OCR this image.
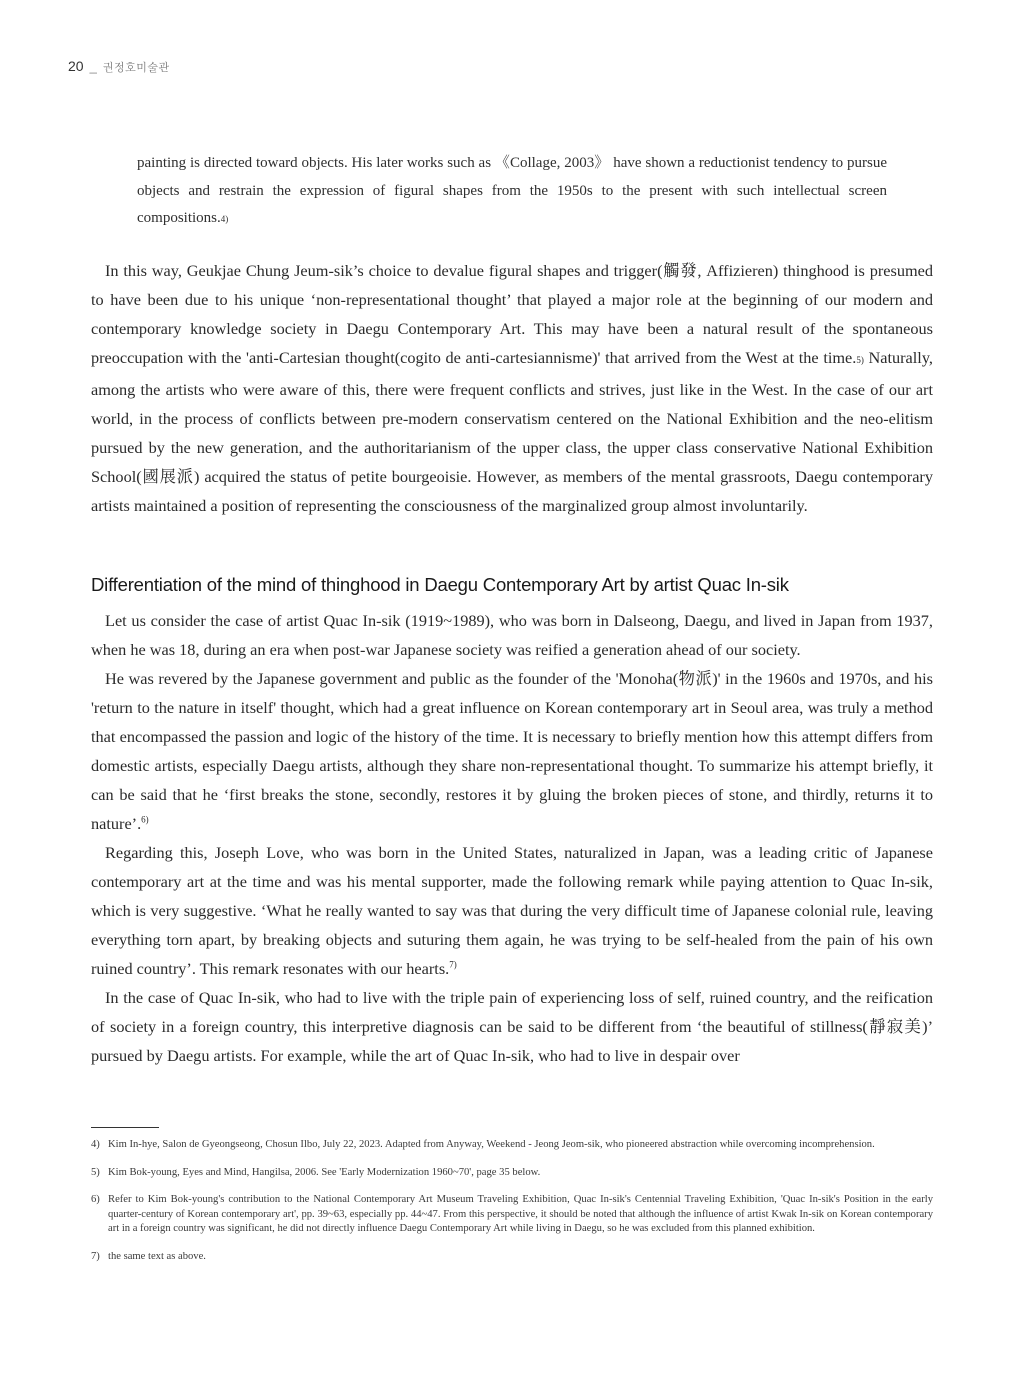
20 _ 권정호미술관
painting is directed toward objects. His later works such as 《Collage, 2003》 have shown a reductionist tendency to pursue objects and restrain the expression of figural shapes from the 1950s to the present with such intellectual screen compositions.4)

In this way, Geukjae Chung Jeum-sik’s choice to devalue figural shapes and trigger(觸發, Affizieren) thinghood is presumed to have been due to his unique ‘non-representational thought’ that played a major role at the beginning of our modern and contemporary knowledge society in Daegu Contemporary Art. This may have been a natural result of the spontaneous preoccupation with the 'anti-Cartesian thought(cogito de anti-cartesiannisme)' that arrived from the West at the time.5) Naturally, among the artists who were aware of this, there were frequent conflicts and strives, just like in the West. In the case of our art world, in the process of conflicts between pre-modern conservatism centered on the National Exhibition and the neo-elitism pursued by the new generation, and the authoritarianism of the upper class, the upper class conservative National Exhibition School(國展派) acquired the status of petite bourgeoisie. However, as members of the mental grassroots, Daegu contemporary artists maintained a position of representing the consciousness of the marginalized group almost involuntarily.

Differentiation of the mind of thinghood in Daegu Contemporary Art by artist Quac In-sik

Let us consider the case of artist Quac In-sik (1919~1989), who was born in Dalseong, Daegu, and lived in Japan from 1937, when he was 18, during an era when post-war Japanese society was reified a generation ahead of our society.

He was revered by the Japanese government and public as the founder of the 'Monoha(物派)' in the 1960s and 1970s, and his 'return to the nature in itself' thought, which had a great influence on Korean contemporary art in Seoul area, was truly a method that encompassed the passion and logic of the history of the time. It is necessary to briefly mention how this attempt differs from domestic artists, especially Daegu artists, although they share non-representational thought. To summarize his attempt briefly, it can be said that he ‘first breaks the stone, secondly, restores it by gluing the broken pieces of stone, and thirdly, returns it to nature’.$^{6)}$

Regarding this, Joseph Love, who was born in the United States, naturalized in Japan, was a leading critic of Japanese contemporary art at the time and was his mental supporter, made the following remark while paying attention to Quac In-sik, which is very suggestive. ‘What he really wanted to say was that during the very difficult time of Japanese colonial rule, leaving everything torn apart, by breaking objects and suturing them again, he was trying to be self-healed from the pain of his own ruined country’. This remark resonates with our hearts.$^{7)}$

In the case of Quac In-sik, who had to live with the triple pain of experiencing loss of self, ruined country, and the reification of society in a foreign country, this interpretive diagnosis can be said to be different from ‘the beautiful of stillness(靜寂美)’ pursued by Daegu artists. For example, while the art of Quac In-sik, who had to live in despair over

4) Kim In-hye, Salon de Gyeongseong, Chosun Ilbo, July 22, 2023. Adapted from Anyway, Weekend - Jeong Jeom-sik, who pioneered abstraction while overcoming incomprehension.
5) Kim Bok-young, Eyes and Mind, Hangilsa, 2006. See 'Early Modernization 1960~70', page 35 below.
6) Refer to Kim Bok-young's contribution to the National Contemporary Art Museum Traveling Exhibition, Quac In-sik's Centennial Traveling Exhibition, 'Quac In-sik's Position in the early quarter-century of Korean contemporary art', pp. 39~63, especially pp. 44~47. From this perspective, it should be noted that although the influence of artist Kwak In-sik on Korean contemporary art in a foreign country was significant, he did not directly influence Daegu Contemporary Art while living in Daegu, so he was excluded from this planned exhibition.
7) the same text as above.
